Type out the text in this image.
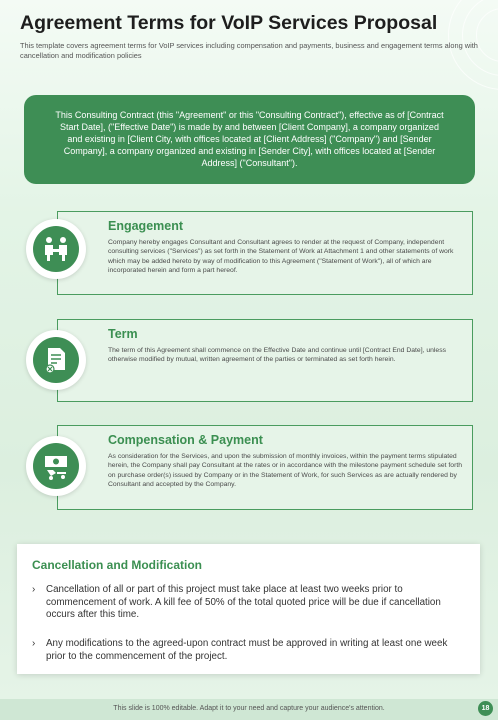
Agreement Terms for VoIP Services Proposal
This template covers agreement terms for VoIP services including compensation and payments, business and engagement terms along with cancellation and modification policies
This Consulting Contract (this "Agreement" or this "Consulting Contract"), effective as of [Contract Start Date], ("Effective Date") is made by and between [Client Company], a company organized and existing in [Client City, with offices located at [Client Address] ("Company") and [Sender Company], a company organized and existing in [Sender City], with offices located at [Sender Address] ("Consultant").
Engagement
Company hereby engages Consultant and Consultant agrees to render at the request of Company, independent consulting services ("Services") as set forth in the Statement of Work at Attachment 1 and other statements of work which may be added hereto by way of modification to this Agreement ("Statement of Work"), all of which are incorporated herein and form a part hereof.
Term
The term of this Agreement shall commence on the Effective Date and continue until [Contract End Date], unless otherwise modified by mutual, written agreement of the parties or terminated as set forth herein.
Compensation & Payment
As consideration for the Services, and upon the submission of monthly invoices, within the payment terms stipulated herein, the Company shall pay Consultant at the rates or in accordance with the milestone payment schedule set forth on purchase order(s) issued by Company or in the Statement of Work, for such Services as are actually rendered by Consultant and accepted by the Company.
Cancellation and Modification
› Cancellation of all or part of this project must take place at least two weeks prior to commencement of work. A kill fee of 50% of the total quoted price will be due if cancellation occurs after this time.
› Any modifications to the agreed-upon contract must be approved in writing at least one week prior to the commencement of the project.
This slide is 100% editable. Adapt it to your need and capture your audience's attention.	18
